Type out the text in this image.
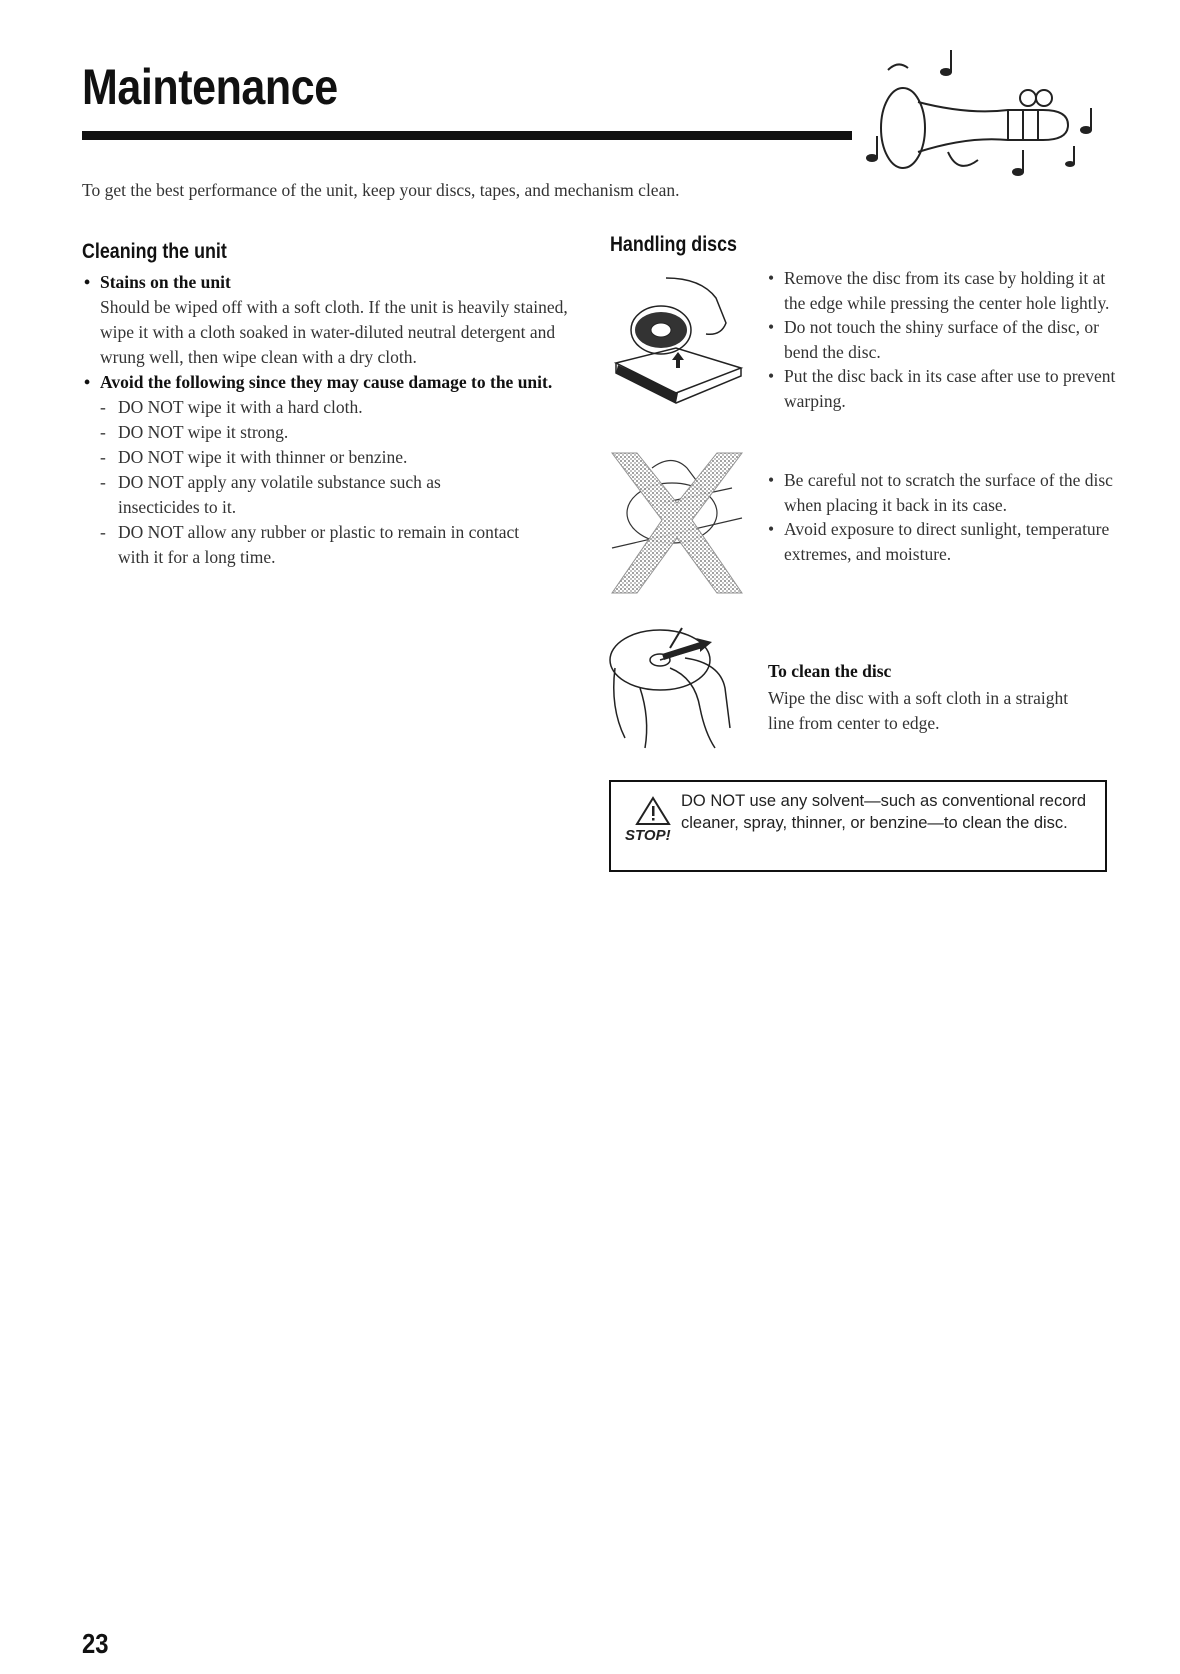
Maintenance
To get the best performance of the unit, keep your discs, tapes, and mechanism clean.
Cleaning the unit
• Stains on the unit
Should be wiped off with a soft cloth. If the unit is heavily stained, wipe it with a cloth soaked in water-diluted neutral detergent and wrung well, then wipe clean with a dry cloth.
• Avoid the following since they may cause damage to the unit.
- DO NOT wipe it with a hard cloth.
- DO NOT wipe it strong.
- DO NOT wipe it with thinner or benzine.
- DO NOT apply any volatile substance such as insecticides to it.
- DO NOT allow any rubber or plastic to remain in contact with it for a long time.
Handling discs
• Remove the disc from its case by holding it at the edge while pressing the center hole lightly.
• Do not touch the shiny surface of the disc, or bend the disc.
• Put the disc back in its case after use to prevent warping.
• Be careful not to scratch the surface of the disc when placing it back in its case.
• Avoid exposure to direct sunlight, temperature extremes, and moisture.
To clean the disc
Wipe the disc with a soft cloth in a straight line from center to edge.
STOP!
DO NOT use any solvent—such as conventional record cleaner, spray, thinner, or benzine—to clean the disc.
23
